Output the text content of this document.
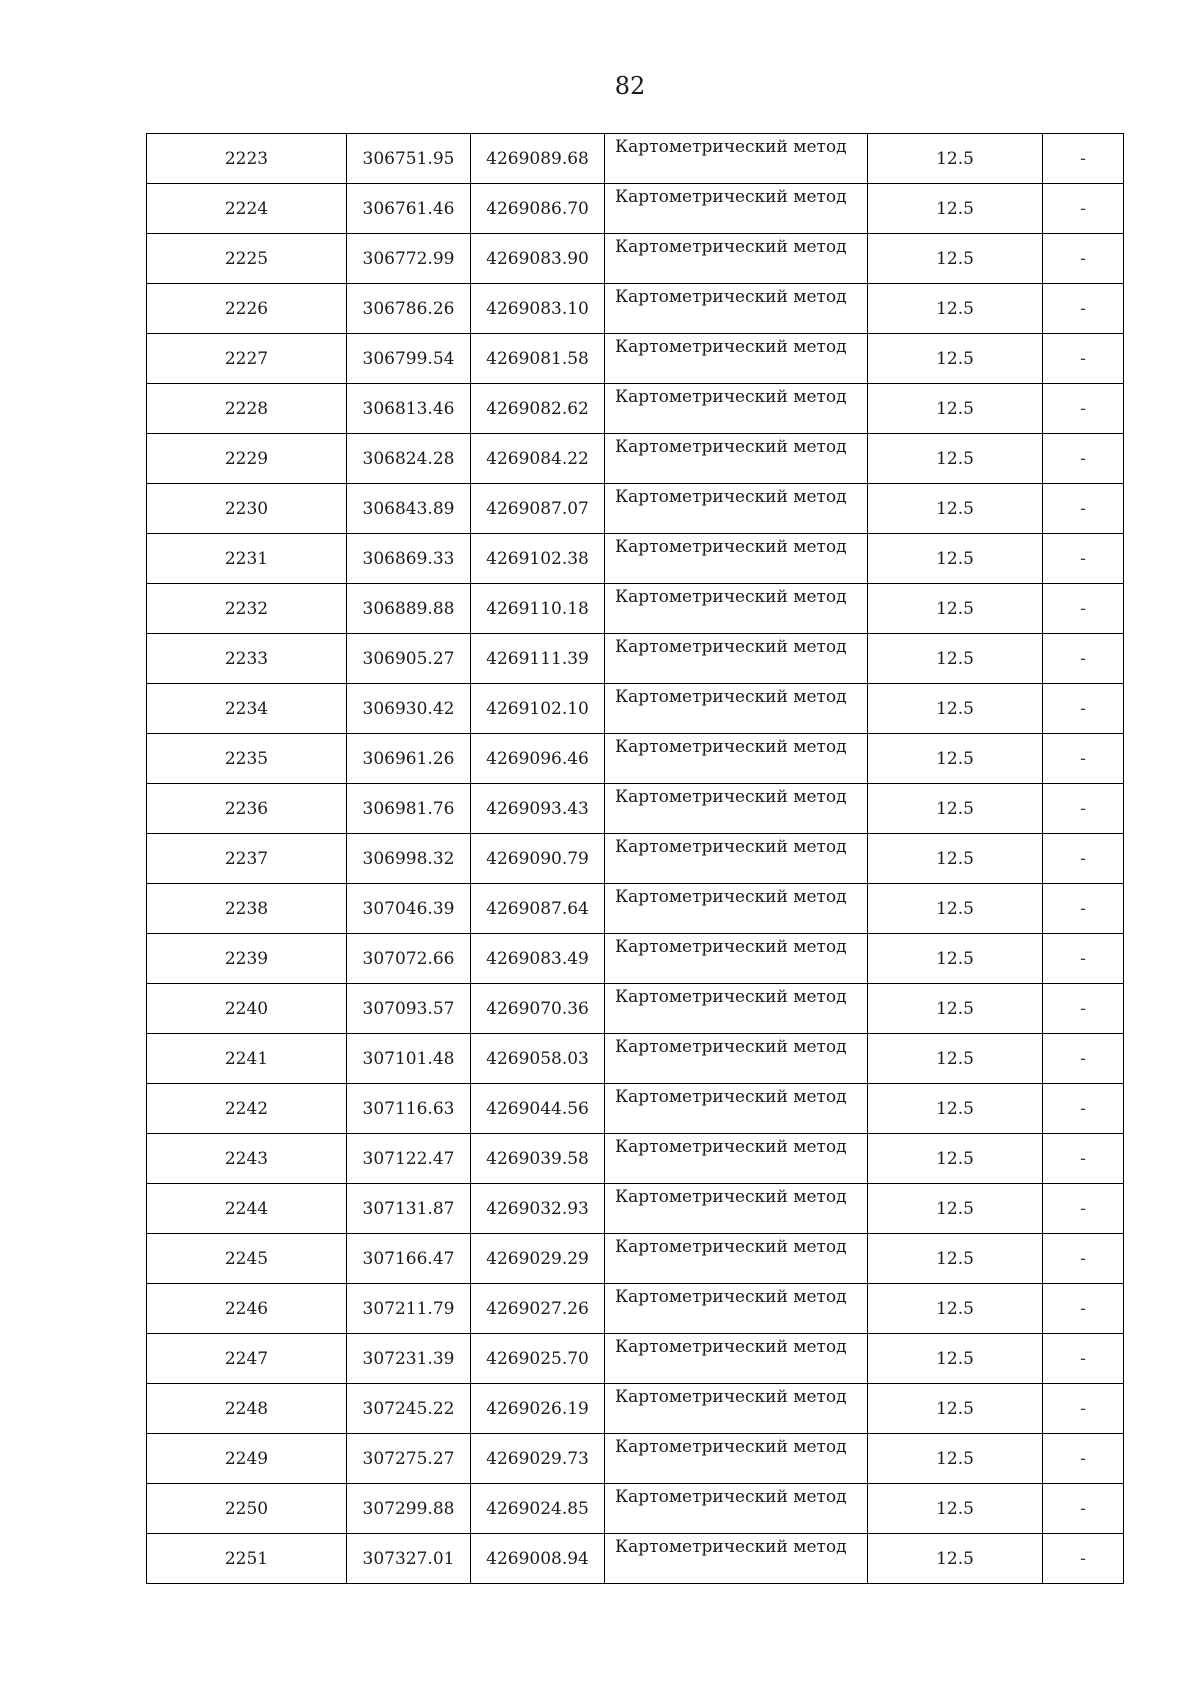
82
2223	306751.95	4269089.68	Картометрический метод	12.5	-
2224	306761.46	4269086.70	Картометрический метод	12.5	-
2225	306772.99	4269083.90	Картометрический метод	12.5	-
2226	306786.26	4269083.10	Картометрический метод	12.5	-
2227	306799.54	4269081.58	Картометрический метод	12.5	-
2228	306813.46	4269082.62	Картометрический метод	12.5	-
2229	306824.28	4269084.22	Картометрический метод	12.5	-
2230	306843.89	4269087.07	Картометрический метод	12.5	-
2231	306869.33	4269102.38	Картометрический метод	12.5	-
2232	306889.88	4269110.18	Картометрический метод	12.5	-
2233	306905.27	4269111.39	Картометрический метод	12.5	-
2234	306930.42	4269102.10	Картометрический метод	12.5	-
2235	306961.26	4269096.46	Картометрический метод	12.5	-
2236	306981.76	4269093.43	Картометрический метод	12.5	-
2237	306998.32	4269090.79	Картометрический метод	12.5	-
2238	307046.39	4269087.64	Картометрический метод	12.5	-
2239	307072.66	4269083.49	Картометрический метод	12.5	-
2240	307093.57	4269070.36	Картометрический метод	12.5	-
2241	307101.48	4269058.03	Картометрический метод	12.5	-
2242	307116.63	4269044.56	Картометрический метод	12.5	-
2243	307122.47	4269039.58	Картометрический метод	12.5	-
2244	307131.87	4269032.93	Картометрический метод	12.5	-
2245	307166.47	4269029.29	Картометрический метод	12.5	-
2246	307211.79	4269027.26	Картометрический метод	12.5	-
2247	307231.39	4269025.70	Картометрический метод	12.5	-
2248	307245.22	4269026.19	Картометрический метод	12.5	-
2249	307275.27	4269029.73	Картометрический метод	12.5	-
2250	307299.88	4269024.85	Картометрический метод	12.5	-
2251	307327.01	4269008.94	Картометрический метод	12.5	-
